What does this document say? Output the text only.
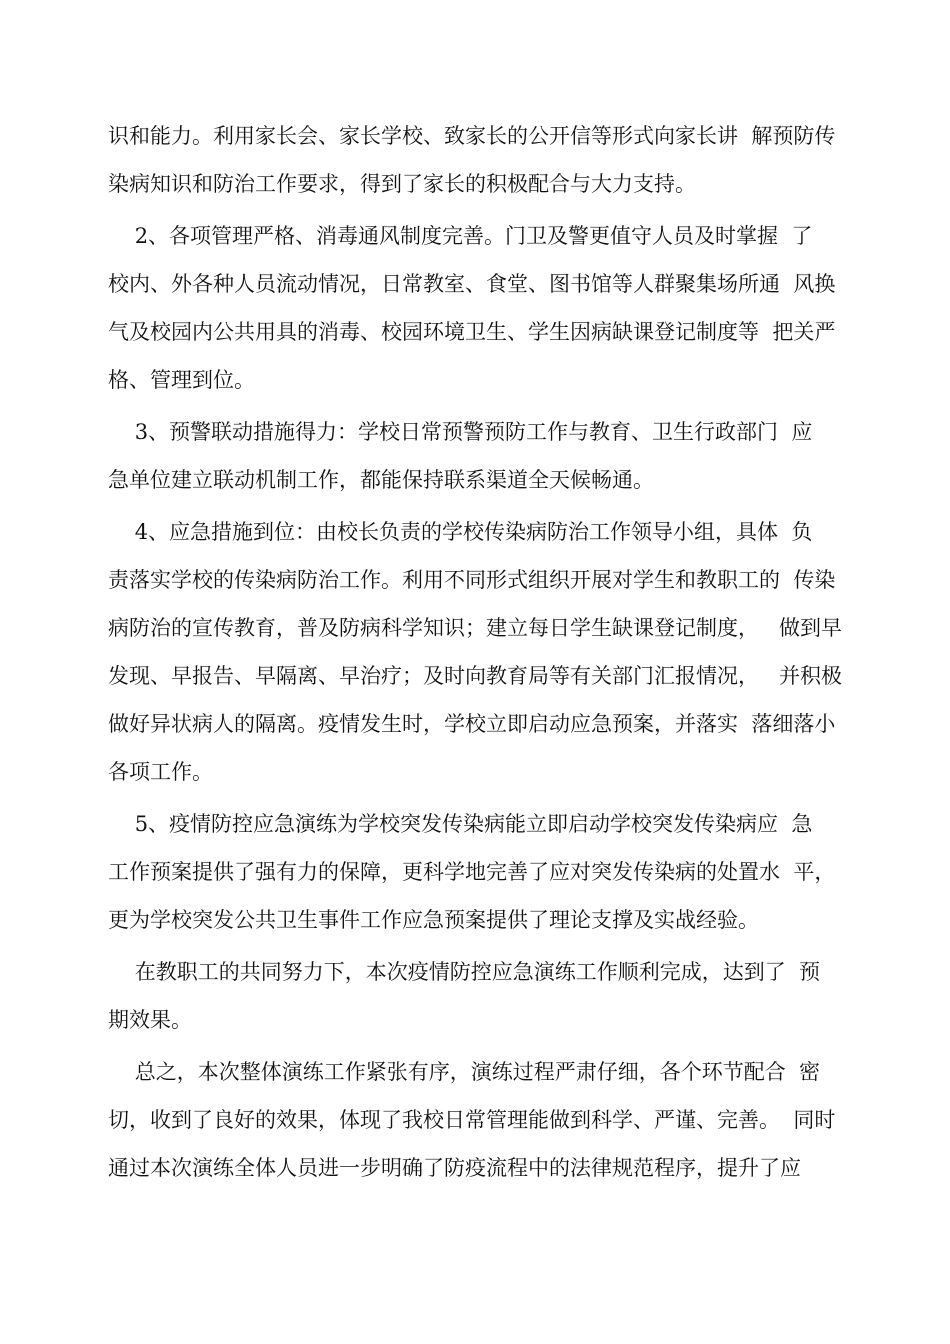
识和能力。利用家长会、家长学校、致家长的公开信等形式向家长讲  解预防传
染病知识和防治工作要求，得到了家长的积极配合与大力支持。
2、各项管理严格、消毒通风制度完善。门卫及警更值守人员及时掌握  了
校内、外各种人员流动情况，日常教室、食堂、图书馆等人群聚集场所通  风换
气及校园内公共用具的消毒、校园环境卫生、学生因病缺课登记制度等  把关严
格、管理到位。
3、预警联动措施得力：学校日常预警预防工作与教育、卫生行政部门  应
急单位建立联动机制工作，都能保持联系渠道全天候畅通。
4、应急措施到位：由校长负责的学校传染病防治工作领导小组，具体  负
责落实学校的传染病防治工作。利用不同形式组织开展对学生和教职工的  传染
病防治的宣传教育，普及防病科学知识；建立每日学生缺课登记制度，   做到早
发现、早报告、早隔离、早治疗；及时向教育局等有关部门汇报情况，   并积极
做好异状病人的隔离。疫情发生时，学校立即启动应急预案，并落实  落细落小
各项工作。
5、疫情防控应急演练为学校突发传染病能立即启动学校突发传染病应  急
工作预案提供了强有力的保障，更科学地完善了应对突发传染病的处置水  平，
更为学校突发公共卫生事件工作应急预案提供了理论支撑及实战经验。
在教职工的共同努力下，本次疫情防控应急演练工作顺利完成，达到了  预
期效果。
总之，本次整体演练工作紧张有序，演练过程严肃仔细，各个环节配合  密
切，收到了良好的效果，体现了我校日常管理能做到科学、严谨、完善。  同时
通过本次演练全体人员进一步明确了防疫流程中的法律规范程序，提升了应
